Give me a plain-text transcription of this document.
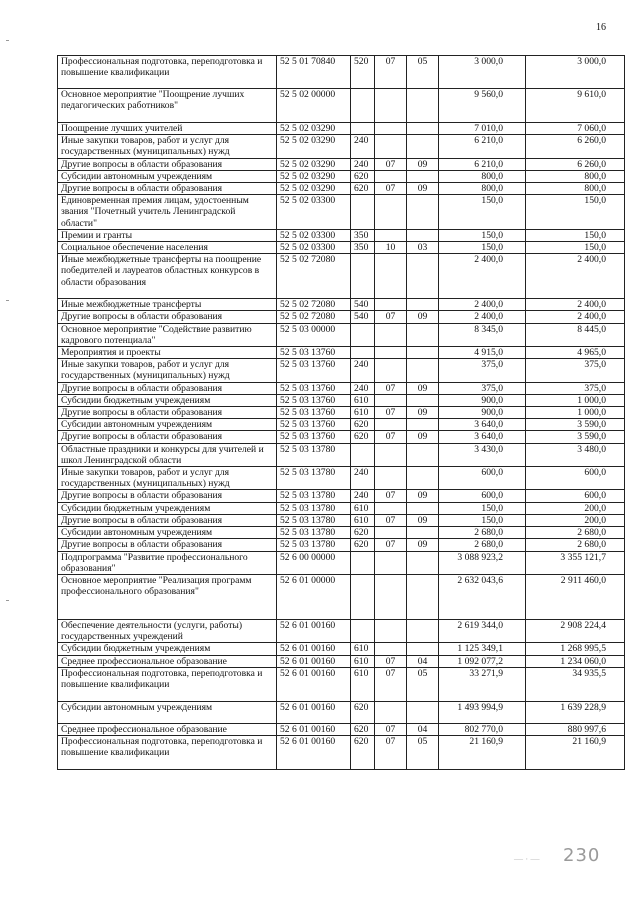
16
Профессиональная подготовка, переподготовка и повышение квалификации	52 5 01 70840	520	07	05	3 000,0	3 000,0
Основное мероприятие "Поощрение лучших педагогических работников"	52 5 02 00000				9 560,0	9 610,0
Поощрение лучших учителей	52 5 02 03290				7 010,0	7 060,0
Иные закупки товаров, работ и услуг для государственных (муниципальных) нужд	52 5 02 03290	240			6 210,0	6 260,0
Другие вопросы в области образования	52 5 02 03290	240	07	09	6 210,0	6 260,0
Субсидии автономным учреждениям	52 5 02 03290	620			800,0	800,0
Другие вопросы в области образования	52 5 02 03290	620	07	09	800,0	800,0
Единовременная премия лицам, удостоенным звания "Почетный учитель Ленинградской области"	52 5 02 03300				150,0	150,0
Премии и гранты	52 5 02 03300	350			150,0	150,0
Социальное обеспечение населения	52 5 02 03300	350	10	03	150,0	150,0
Иные межбюджетные трансферты на поощрение победителей и лауреатов областных конкурсов в области образования	52 5 02 72080				2 400,0	2 400,0
Иные межбюджетные трансферты	52 5 02 72080	540			2 400,0	2 400,0
Другие вопросы в области образования	52 5 02 72080	540	07	09	2 400,0	2 400,0
Основное мероприятие "Содействие развитию кадрового потенциала"	52 5 03 00000				8 345,0	8 445,0
Мероприятия и проекты	52 5 03 13760				4 915,0	4 965,0
Иные закупки товаров, работ и услуг для государственных (муниципальных) нужд	52 5 03 13760	240			375,0	375,0
Другие вопросы в области образования	52 5 03 13760	240	07	09	375,0	375,0
Субсидии бюджетным учреждениям	52 5 03 13760	610			900,0	1 000,0
Другие вопросы в области образования	52 5 03 13760	610	07	09	900,0	1 000,0
Субсидии автономным учреждениям	52 5 03 13760	620			3 640,0	3 590,0
Другие вопросы в области образования	52 5 03 13760	620	07	09	3 640,0	3 590,0
Областные праздники и конкурсы для учителей и школ Ленинградской области	52 5 03 13780				3 430,0	3 480,0
Иные закупки товаров, работ и услуг для государственных (муниципальных) нужд	52 5 03 13780	240			600,0	600,0
Другие вопросы в области образования	52 5 03 13780	240	07	09	600,0	600,0
Субсидии бюджетным учреждениям	52 5 03 13780	610			150,0	200,0
Другие вопросы в области образования	52 5 03 13780	610	07	09	150,0	200,0
Субсидии автономным учреждениям	52 5 03 13780	620			2 680,0	2 680,0
Другие вопросы в области образования	52 5 03 13780	620	07	09	2 680,0	2 680,0
Подпрограмма "Развитие профессионального образования"	52 6 00 00000				3 088 923,2	3 355 121,7
Основное мероприятие "Реализация программ профессионального образования"	52 6 01 00000				2 632 043,6	2 911 460,0
Обеспечение деятельности (услуги, работы) государственных учреждений	52 6 01 00160				2 619 344,0	2 908 224,4
Субсидии бюджетным учреждениям	52 6 01 00160	610			1 125 349,1	1 268 995,5
Среднее профессиональное образование	52 6 01 00160	610	07	04	1 092 077,2	1 234 060,0
Профессиональная подготовка, переподготовка и повышение квалификации	52 6 01 00160	610	07	05	33 271,9	34 935,5
Субсидии автономным учреждениям	52 6 01 00160	620			1 493 994,9	1 639 228,9
Среднее профессиональное образование	52 6 01 00160	620	07	04	802 770,0	880 997,6
Профессиональная подготовка, переподготовка и повышение квалификации	52 6 01 00160	620	07	05	21 160,9	21 160,9
— · — 230
